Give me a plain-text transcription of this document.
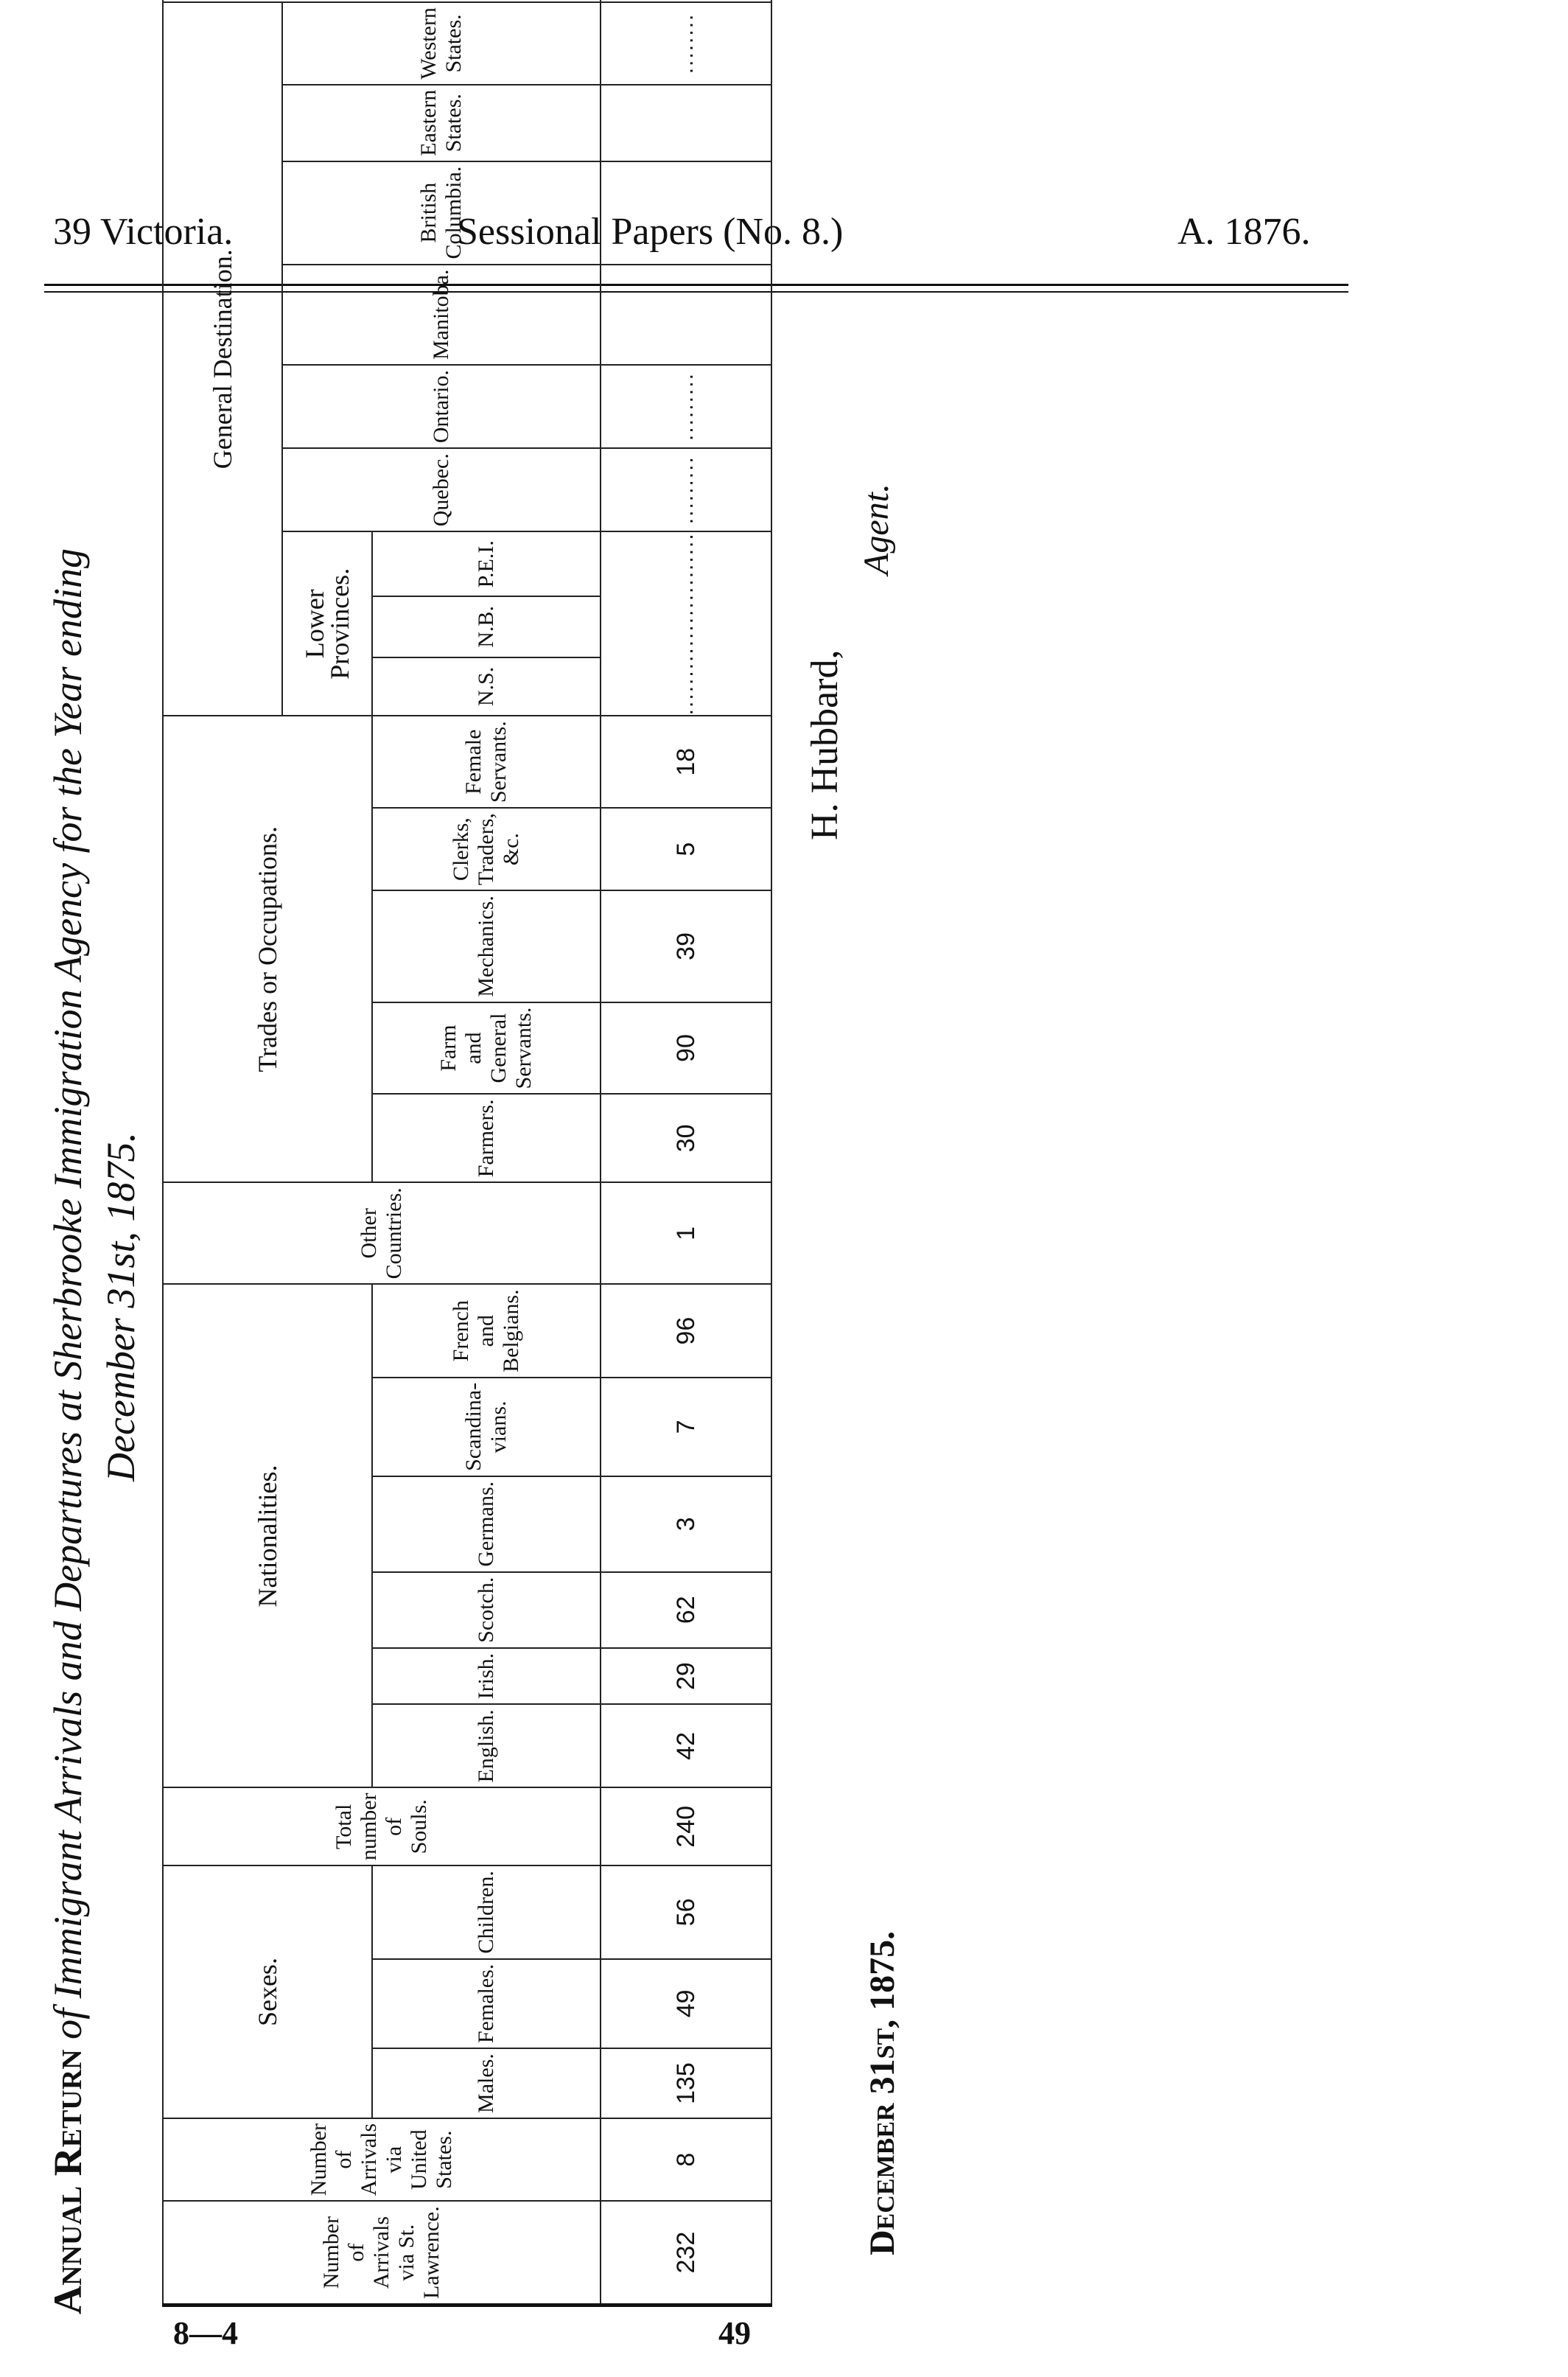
39 Victoria.	Sessional Papers (No. 8.)	A. 1876.
Annual Return of Immigrant Arrivals and Departures at Sherbrooke Immigration Agency for the Year ending December 31st, 1875.
Number of Arrivals via St. Lawrence.	Number of Arrivals via United States.	Sexes.			Total number of Souls.	Nationalities.						Other Countries.	Trades or Occupations.					General Destination.	
																		Lower Provinces.			Quebec.	Ontario.	Manitoba.	British Columbia.	Eastern States.	Western States.	
		Males.	Females.	Children.		English.	Irish.	Scotch.	Germans.	Scandina-vians.	French and Belgians.		Farmers.	Farm and General Servants.	Mechanics.	Clerks, Traders, &c.	Female Servants.	N.S.	N.B.	P.E.I.							
232	8	135	49	56	240	42	29	62	3	7	96	1	30	90	39	5	18	........................			.........	.........				........	
H. Hubbard,
Agent.
December 31st, 1875.
8—4	49
